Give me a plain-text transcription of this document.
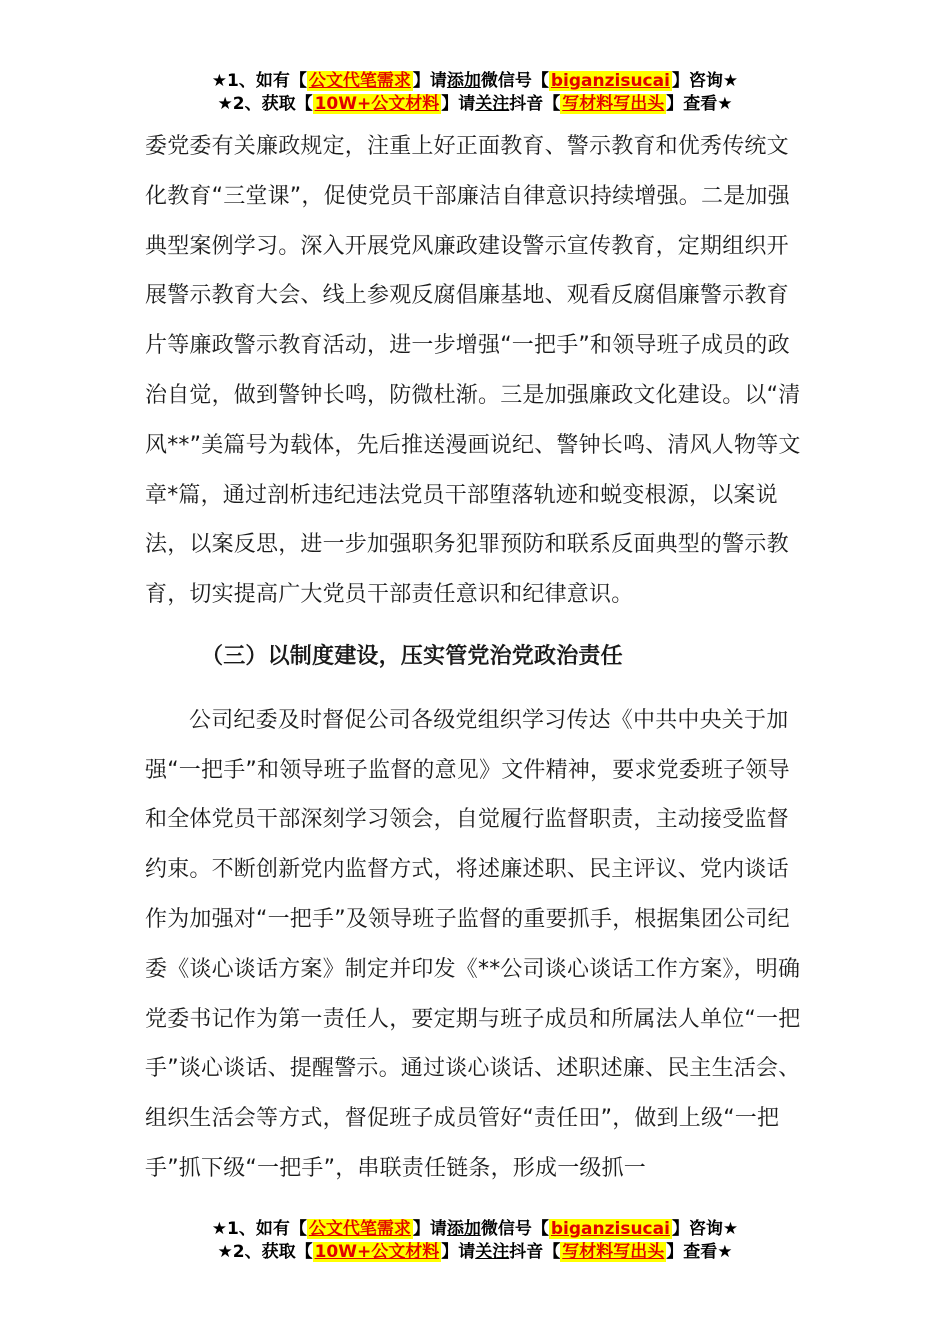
★1、如有【 公文代笔需求 】请添加微信号【 biganzisucai 】咨询★
★2、获取【 10W+公文材料 】请关注抖音【 写材料写出头 】查看★

委党委有关廉政规定，注重上好正面教育、警示教育和优秀传统文化教育“三堂课”，促使党员干部廉洁自律意识持续增强。二是加强典型案例学习。深入开展党风廉政建设警示宣传教育，定期组织开展警示教育大会、线上参观反腐倡廉基地、观看反腐倡廉警示教育片等廉政警示教育活动，进一步增强“一把手”和领导班子成员的政治自觉，做到警钟长鸣，防微杜渐。三是加强廉政文化建设。以“清风**”美篇号为载体，先后推送漫画说纪、警钟长鸣、清风人物等文章*篇，通过剖析违纪违法党员干部堕落轨迹和蜕变根源，以案说法，以案反思，进一步加强职务犯罪预防和联系反面典型的警示教育，切实提高广大党员干部责任意识和纪律意识。

（三）以制度建设，压实管党治党政治责任

公司纪委及时督促公司各级党组织学习传达《中共中央关于加强“一把手”和领导班子监督的意见》文件精神，要求党委班子领导和全体党员干部深刻学习领会，自觉履行监督职责，主动接受监督约束。不断创新党内监督方式，将述廉述职、民主评议、党内谈话作为加强对“一把手”及领导班子监督的重要抓手，根据集团公司纪委《谈心谈话方案》制定并印发《**公司谈心谈话工作方案》，明确党委书记作为第一责任人，要定期与班子成员和所属法人单位“一把手”谈心谈话、提醒警示。通过谈心谈话、述职述廉、民主生活会、组织生活会等方式，督促班子成员管好“责任田”，做到上级“一把手”抓下级“一把手”，串联责任链条，形成一级抓一

★1、如有【 公文代笔需求 】请添加微信号【 biganzisucai 】咨询★
★2、获取【 10W+公文材料 】请关注抖音【 写材料写出头 】查看★
